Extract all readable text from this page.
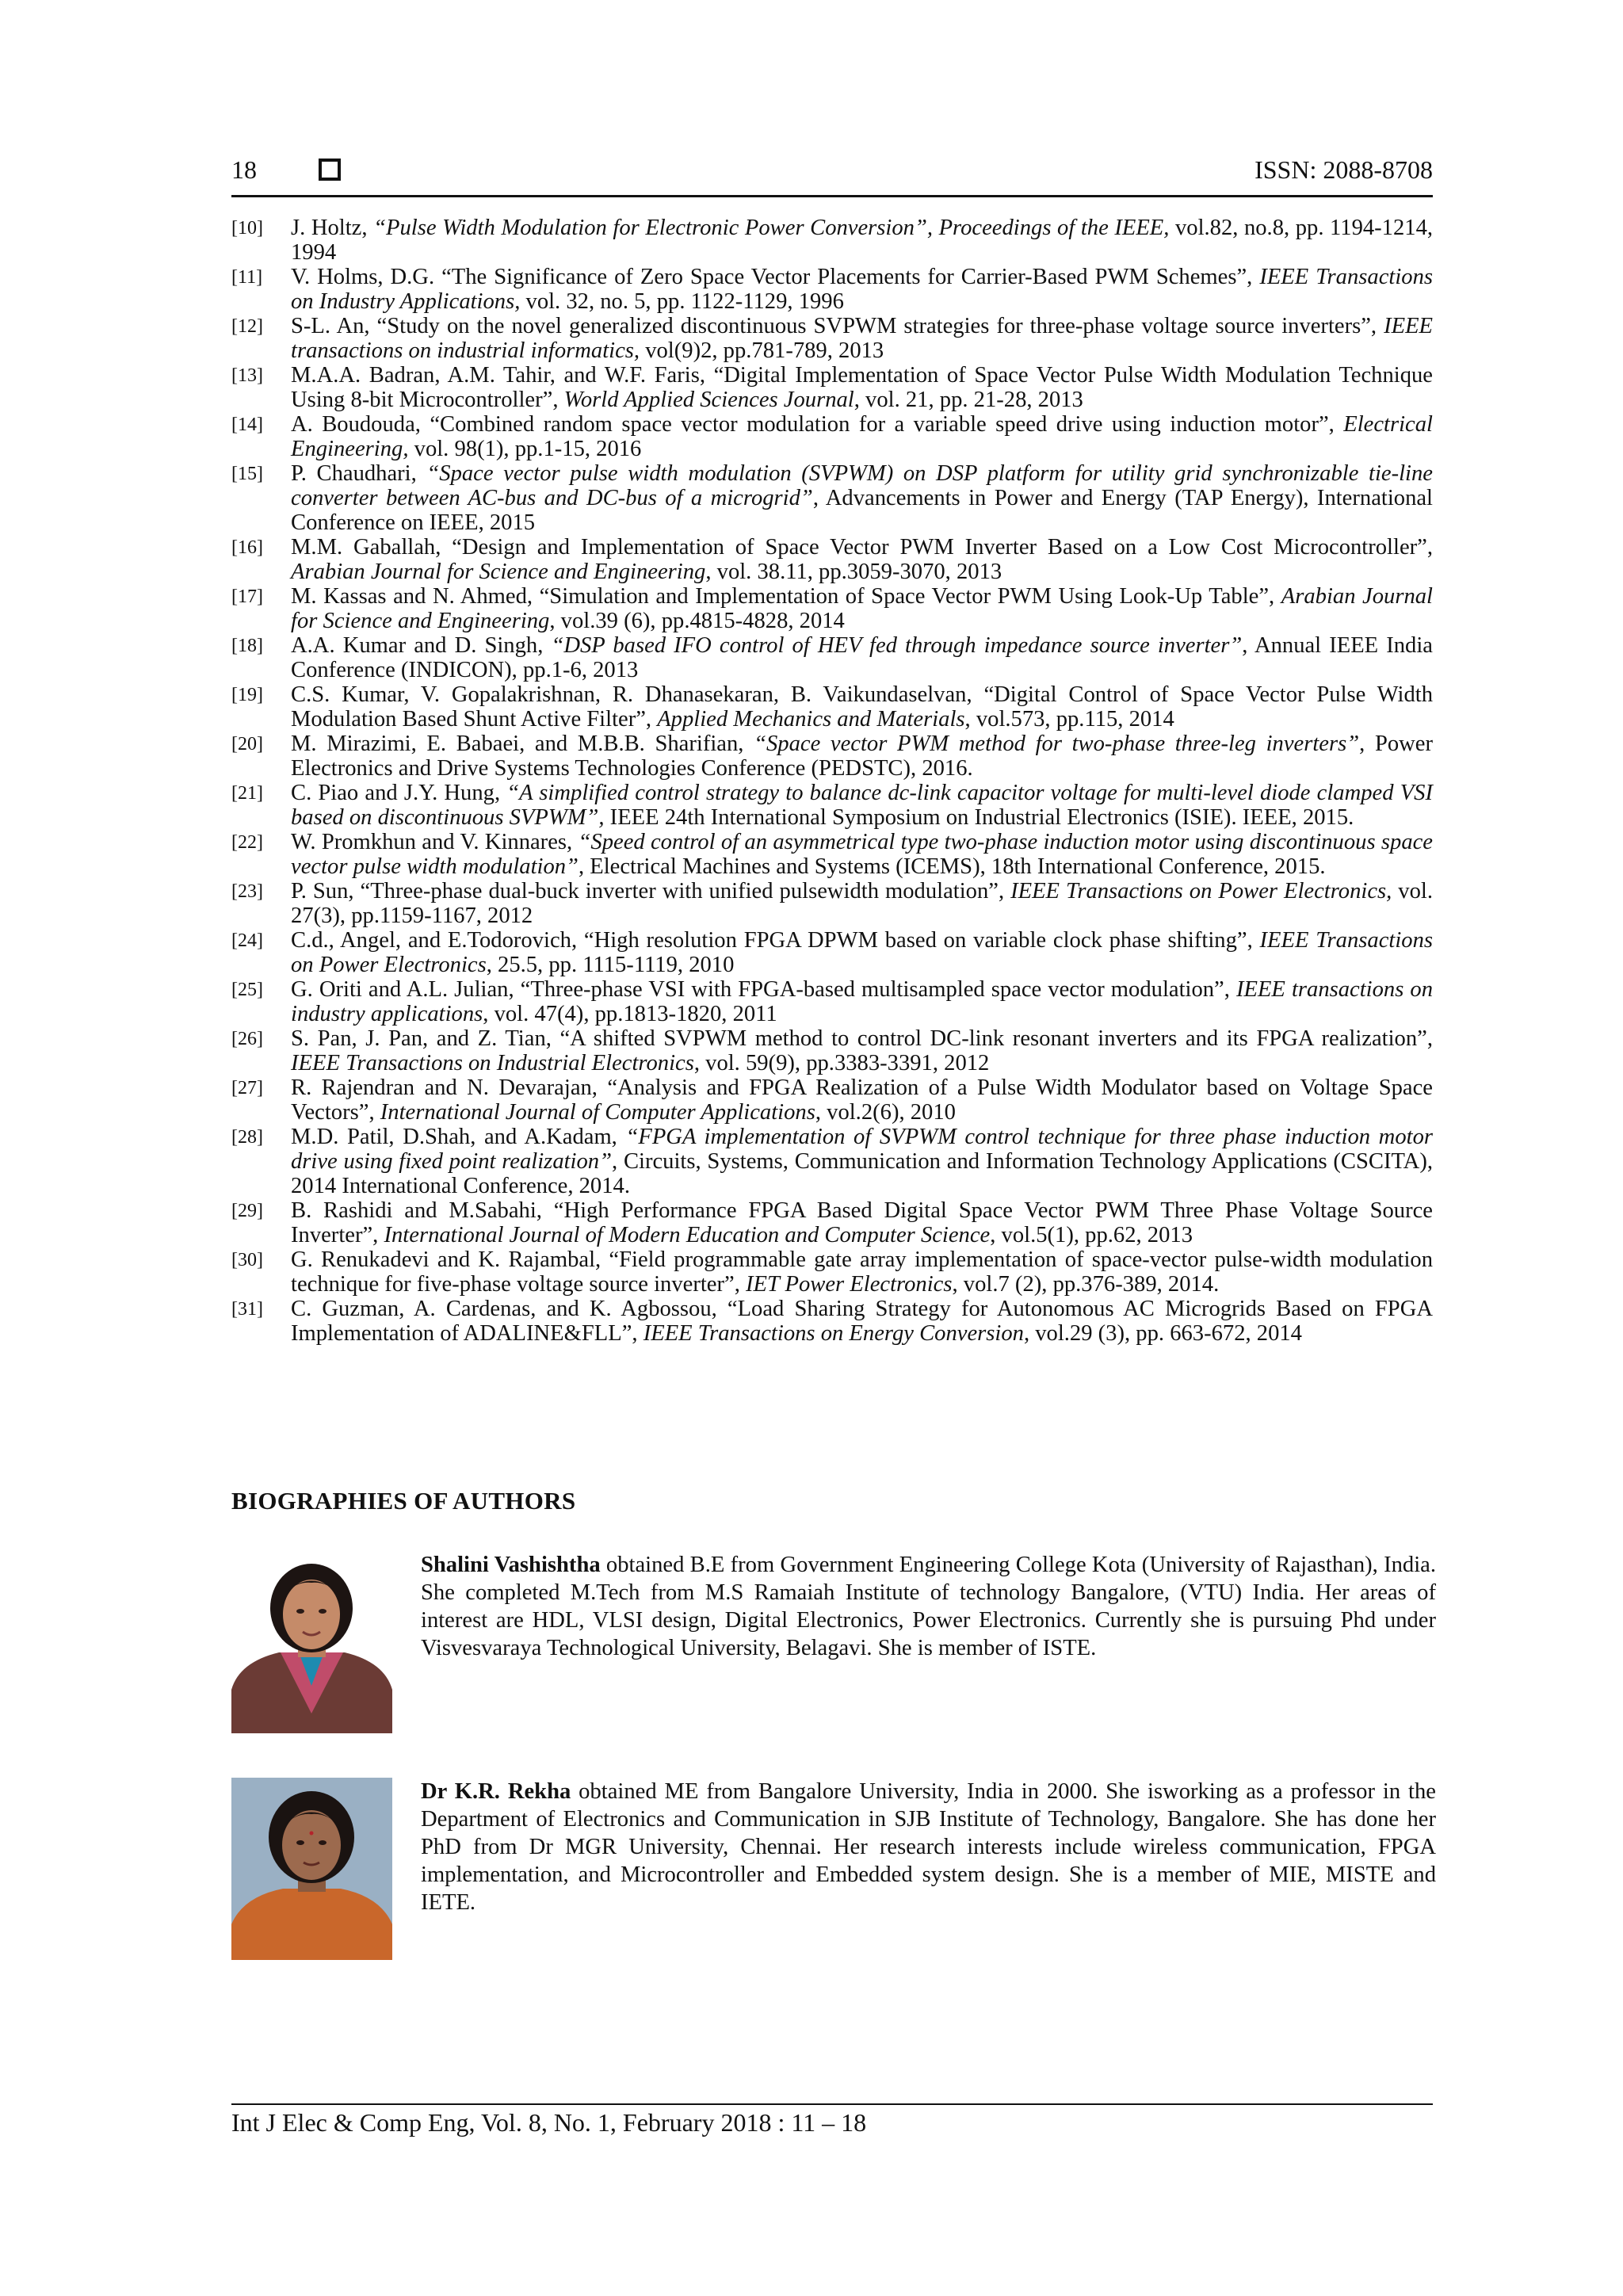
18	ISSN: 2088-8708
[10] J. Holtz, “Pulse Width Modulation for Electronic Power Conversion”, Proceedings of the IEEE, vol.82, no.8, pp. 1194-1214, 1994
[11] V. Holms, D.G. “The Significance of Zero Space Vector Placements for Carrier-Based PWM Schemes”, IEEE Transactions on Industry Applications, vol. 32, no. 5, pp. 1122-1129, 1996
[12] S-L. An, “Study on the novel generalized discontinuous SVPWM strategies for three-phase voltage source inverters”, IEEE transactions on industrial informatics, vol(9)2, pp.781-789, 2013
[13] M.A.A. Badran, A.M. Tahir, and W.F. Faris, “Digital Implementation of Space Vector Pulse Width Modulation Technique Using 8-bit Microcontroller”, World Applied Sciences Journal, vol. 21, pp. 21-28, 2013
[14] A. Boudouda, “Combined random space vector modulation for a variable speed drive using induction motor”, Electrical Engineering, vol. 98(1), pp.1-15, 2016
[15] P. Chaudhari, “Space vector pulse width modulation (SVPWM) on DSP platform for utility grid synchronizable tie-line converter between AC-bus and DC-bus of a microgrid”, Advancements in Power and Energy (TAP Energy), International Conference on IEEE, 2015
[16] M.M. Gaballah, “Design and Implementation of Space Vector PWM Inverter Based on a Low Cost Microcontroller”, Arabian Journal for Science and Engineering, vol. 38.11, pp.3059-3070, 2013
[17] M. Kassas and N. Ahmed, “Simulation and Implementation of Space Vector PWM Using Look-Up Table”, Arabian Journal for Science and Engineering, vol.39 (6), pp.4815-4828, 2014
[18] A.A. Kumar and D. Singh, “DSP based IFO control of HEV fed through impedance source inverter”, Annual IEEE India Conference (INDICON), pp.1-6, 2013
[19] C.S. Kumar, V. Gopalakrishnan, R. Dhanasekaran, B. Vaikundaselvan, “Digital Control of Space Vector Pulse Width Modulation Based Shunt Active Filter”, Applied Mechanics and Materials, vol.573, pp.115, 2014
[20] M. Mirazimi, E. Babaei, and M.B.B. Sharifian, “Space vector PWM method for two-phase three-leg inverters”, Power Electronics and Drive Systems Technologies Conference (PEDSTC), 2016.
[21] C. Piao and J.Y. Hung, “A simplified control strategy to balance dc-link capacitor voltage for multi-level diode clamped VSI based on discontinuous SVPWM”, IEEE 24th International Symposium on Industrial Electronics (ISIE). IEEE, 2015.
[22] W. Promkhun and V. Kinnares, “Speed control of an asymmetrical type two-phase induction motor using discontinuous space vector pulse width modulation”, Electrical Machines and Systems (ICEMS), 18th International Conference, 2015.
[23] P. Sun, “Three-phase dual-buck inverter with unified pulsewidth modulation”, IEEE Transactions on Power Electronics, vol. 27(3), pp.1159-1167, 2012
[24] C.d., Angel, and E.Todorovich, “High resolution FPGA DPWM based on variable clock phase shifting”, IEEE Transactions on Power Electronics, 25.5, pp. 1115-1119, 2010
[25] G. Oriti and A.L. Julian, “Three-phase VSI with FPGA-based multisampled space vector modulation”, IEEE transactions on industry applications, vol. 47(4), pp.1813-1820, 2011
[26] S. Pan, J. Pan, and Z. Tian, “A shifted SVPWM method to control DC-link resonant inverters and its FPGA realization”, IEEE Transactions on Industrial Electronics, vol. 59(9), pp.3383-3391, 2012
[27] R. Rajendran and N. Devarajan, “Analysis and FPGA Realization of a Pulse Width Modulator based on Voltage Space Vectors”, International Journal of Computer Applications, vol.2(6), 2010
[28] M.D. Patil, D.Shah, and A.Kadam, “FPGA implementation of SVPWM control technique for three phase induction motor drive using fixed point realization”, Circuits, Systems, Communication and Information Technology Applications (CSCITA), 2014 International Conference, 2014.
[29] B. Rashidi and M.Sabahi, “High Performance FPGA Based Digital Space Vector PWM Three Phase Voltage Source Inverter”, International Journal of Modern Education and Computer Science, vol.5(1), pp.62, 2013
[30] G. Renukadevi and K. Rajambal, “Field programmable gate array implementation of space-vector pulse-width modulation technique for five-phase voltage source inverter”, IET Power Electronics, vol.7 (2), pp.376-389, 2014.
[31] C. Guzman, A. Cardenas, and K. Agbossou, “Load Sharing Strategy for Autonomous AC Microgrids Based on FPGA Implementation of ADALINE&FLL”, IEEE Transactions on Energy Conversion, vol.29 (3), pp. 663-672, 2014
BIOGRAPHIES OF AUTHORS

Shalini Vashishtha obtained B.E from Government Engineering College Kota (University of Rajasthan), India. She completed M.Tech from M.S Ramaiah Institute of technology Bangalore, (VTU) India. Her areas of interest are HDL, VLSI design, Digital Electronics, Power Electronics. Currently she is pursuing Phd under Visvesvaraya Technological University, Belagavi. She is member of ISTE.

Dr K.R. Rekha obtained ME from Bangalore University, India in 2000. She isworking as a professor in the Department of Electronics and Communication in SJB Institute of Technology, Bangalore. She has done her PhD from Dr MGR University, Chennai. Her research interests include wireless communication, FPGA implementation, and Microcontroller and Embedded system design. She is a member of MIE, MISTE and IETE.

Int J Elec & Comp Eng, Vol. 8, No. 1, February 2018 : 11 – 18
